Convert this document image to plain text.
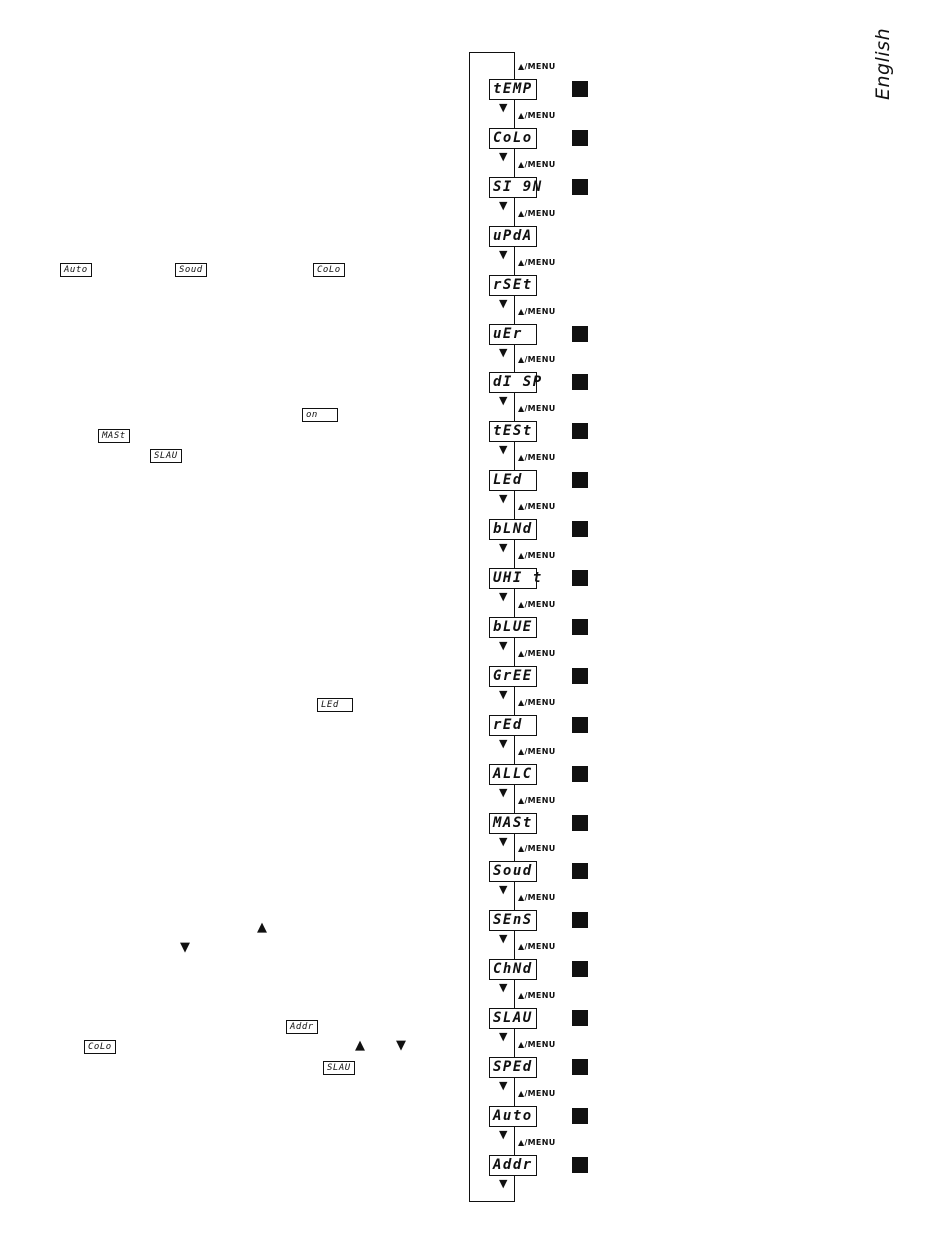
English
Auto	Soud	CoLo
on
MASt
SLAU
LEd
▲
▼
Addr
CoLo	▲ ▼
SLAU
▲/MENU
tEMP
▼
▲/MENU
CoLo
▼
▲/MENU
SI 9N
▼
▲/MENU
uPdA
▼
▲/MENU
rSEt
▼
▲/MENU
uEr
▼
▲/MENU
dI SP
▼
▲/MENU
tESt
▼
▲/MENU
LEd
▼
▲/MENU
bLNd
▼
▲/MENU
UHI t
▼
▲/MENU
bLUE
▼
▲/MENU
GrEE
▼
▲/MENU
rEd
▼
▲/MENU
ALLC
▼
▲/MENU
MASt
▼
▲/MENU
Soud
▼
▲/MENU
SEnS
▼
▲/MENU
ChNd
▼
▲/MENU
SLAU
▼
▲/MENU
SPEd
▼
▲/MENU
Auto
▼
▲/MENU
Addr
▼
